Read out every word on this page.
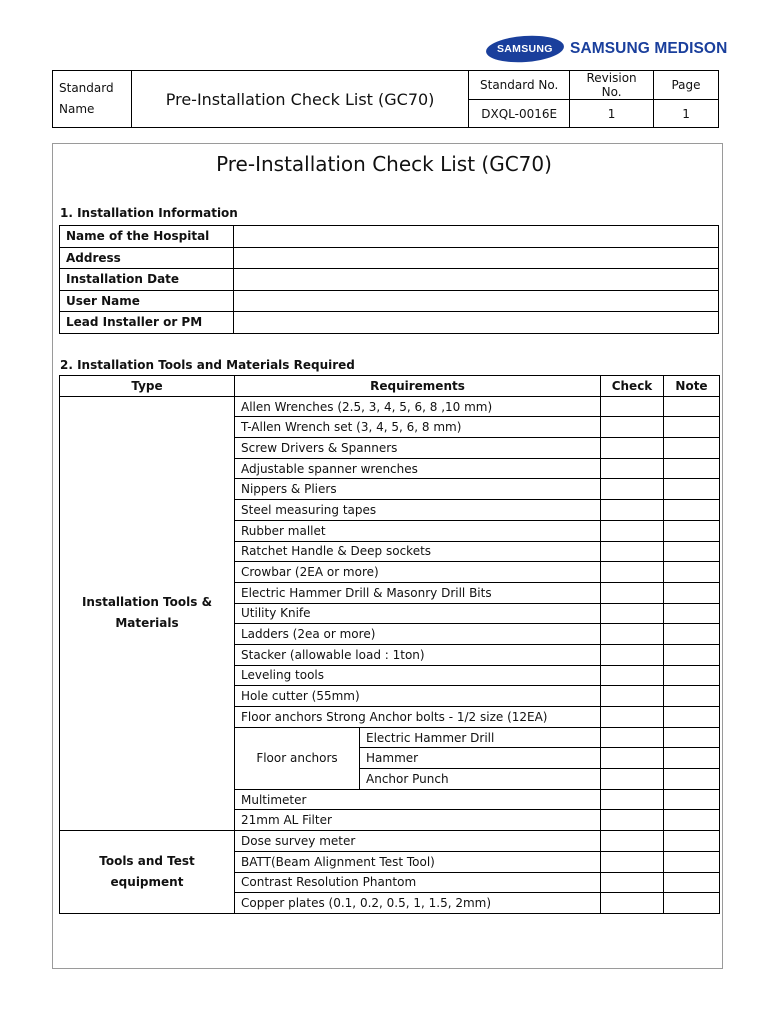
SAMSUNG SAMSUNG MEDISON
Standard Name	Pre-Installation Check List (GC70)	Standard No.	Revision No.	Page
		DXQL-0016E	1	1
Pre-Installation Check List (GC70)
1. Installation Information
Name of the Hospital	
Address	
Installation Date	
User Name	
Lead Installer or PM	
2. Installation Tools and Materials Required
Type	Requirements		Check	Note
Installation Tools & Materials	Allen Wrenches (2.5, 3, 4, 5, 6, 8 ,10 mm)			
	T-Allen Wrench set (3, 4, 5, 6, 8 mm)			
	Screw Drivers & Spanners			
	Adjustable spanner wrenches			
	Nippers & Pliers			
	Steel measuring tapes			
	Rubber mallet			
	Ratchet Handle & Deep sockets			
	Crowbar (2EA or more)			
	Electric Hammer Drill & Masonry Drill Bits			
	Utility Knife			
	Ladders (2ea or more)			
	Stacker (allowable load : 1ton)			
	Leveling tools			
	Hole cutter (55mm)			
	Floor anchors Strong Anchor bolts - 1/2 size (12EA)			
	Floor anchors	Electric Hammer Drill		
		Hammer		
		Anchor Punch		
	Multimeter			
	21mm AL Filter			
Tools and Test equipment	Dose survey meter			
	BATT(Beam Alignment Test Tool)			
	Contrast Resolution Phantom			
	Copper plates (0.1, 0.2, 0.5, 1, 1.5, 2mm)			
